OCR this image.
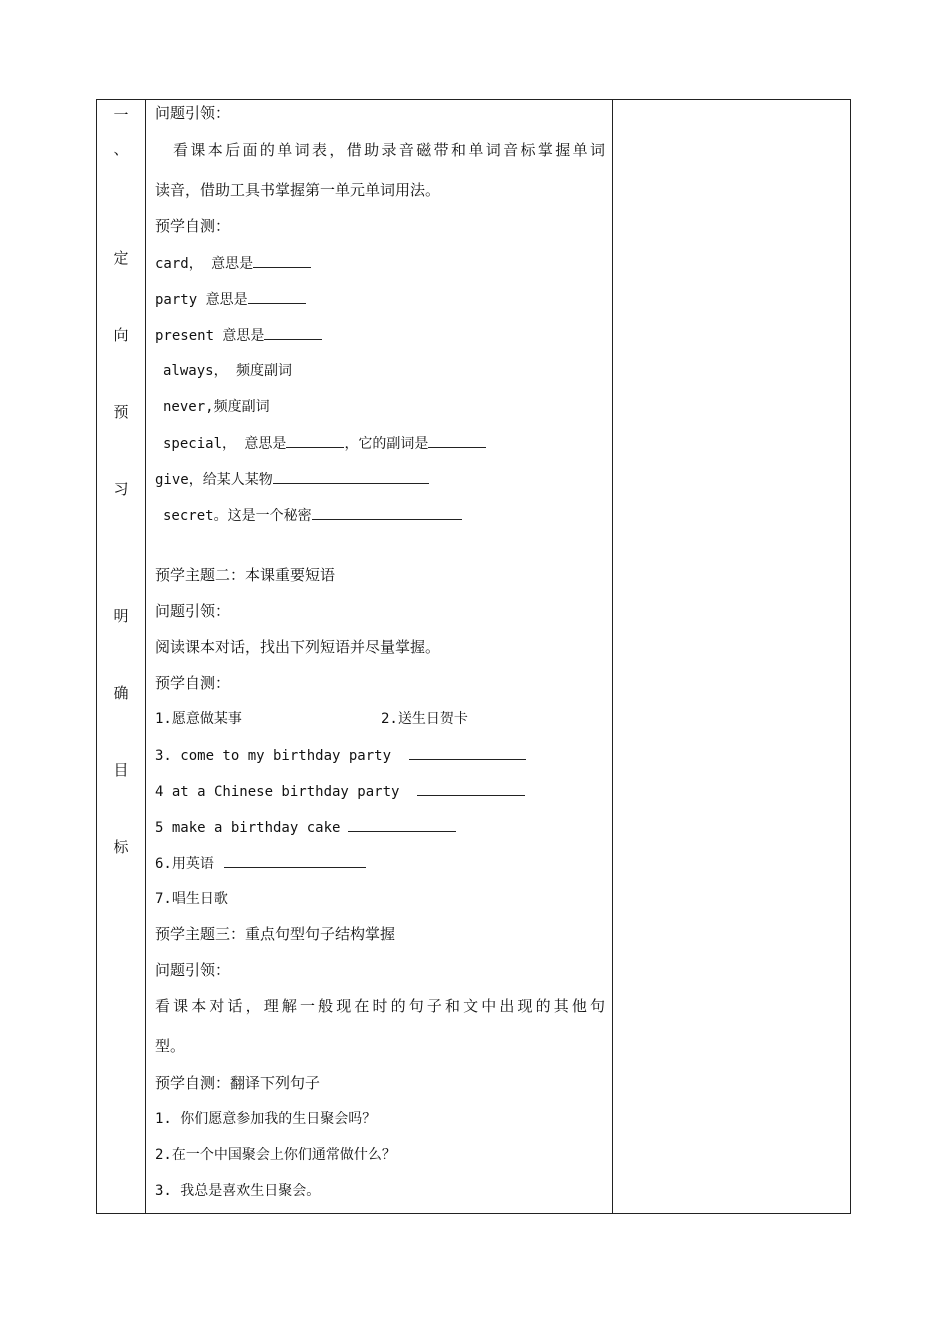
一
、
定
向
预
习
明
确
目
标
问题引领：
看课本后面的单词表，借助录音磁带和单词音标掌握单词
读音，借助工具书掌握第一单元单词用法。
预学自测：
card， 意思是
party 意思是
present 意思是
always， 频度副词
never,频度副词
special， 意思是	，它的副词是
give，给某人某物
secret。这是一个秘密
预学主题二：本课重要短语
问题引领：
阅读课本对话，找出下列短语并尽量掌握。
预学自测：
1.愿意做某事	2.送生日贺卡
3. come to my birthday party
4 at a Chinese birthday party
5 make a birthday cake
6.用英语
7.唱生日歌
预学主题三：重点句型句子结构掌握
问题引领：
看课本对话，理解一般现在时的句子和文中出现的其他句
型。
预学自测：翻译下列句子
1. 你们愿意参加我的生日聚会吗？
2.在一个中国聚会上你们通常做什么？
3. 我总是喜欢生日聚会。
